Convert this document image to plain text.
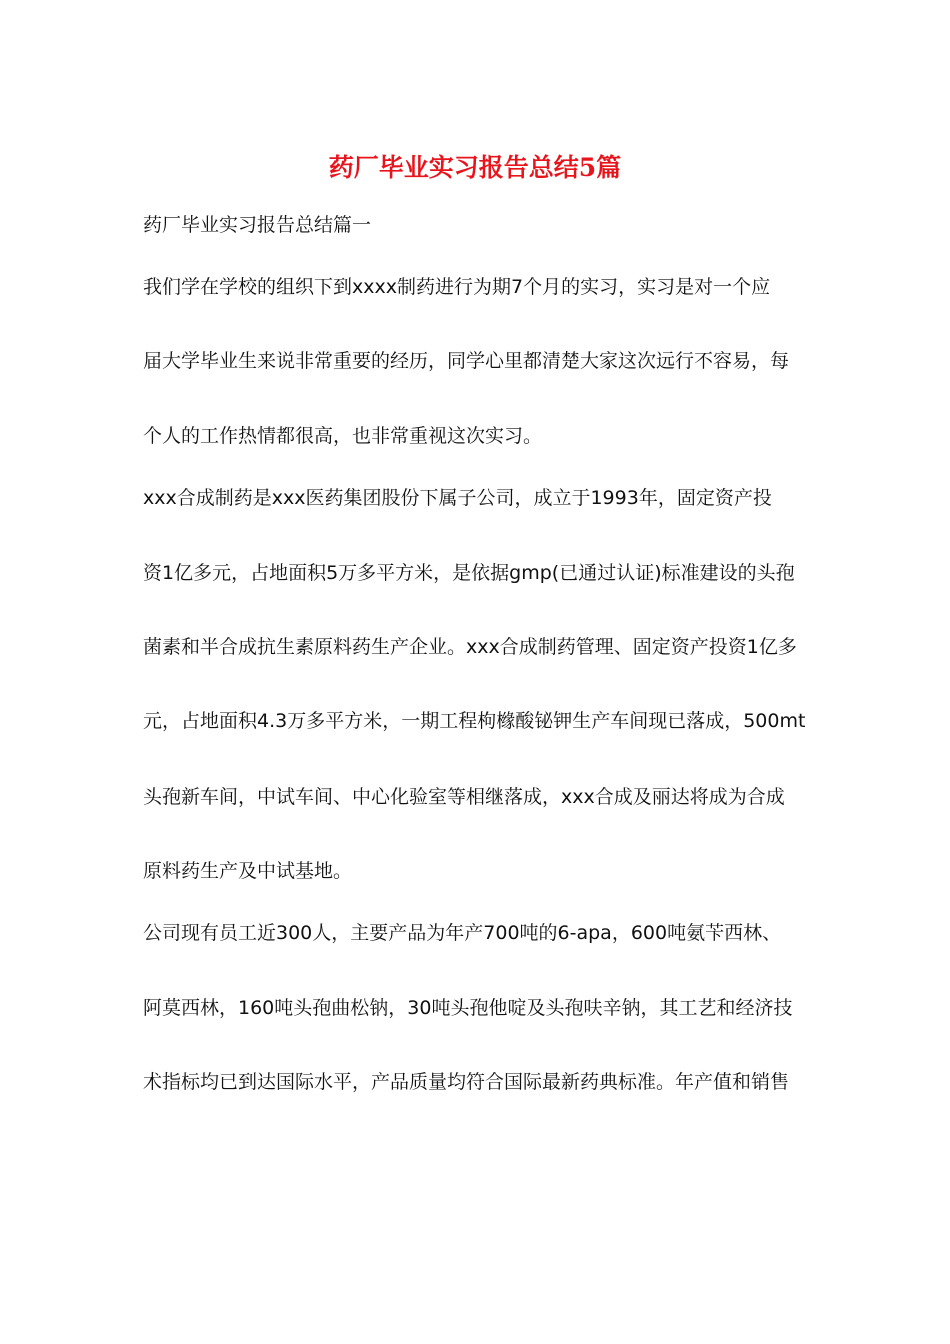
药厂毕业实习报告总结5篇
药厂毕业实习报告总结篇一
我们学在学校的组织下到xxxx制药进行为期7个月的实习，实习是对一个应
届大学毕业生来说非常重要的经历，同学心里都清楚大家这次远行不容易，每
个人的工作热情都很高，也非常重视这次实习。
xxx合成制药是xxx医药集团股份下属子公司，成立于1993年，固定资产投
资1亿多元，占地面积5万多平方米，是依据gmp(已通过认证)标准建设的头孢
菌素和半合成抗生素原料药生产企业。xxx合成制药管理、固定资产投资1亿多
元，占地面积4.3万多平方米，一期工程枸橼酸铋钾生产车间现已落成，500mt
头孢新车间，中试车间、中心化验室等相继落成，xxx合成及丽达将成为合成
原料药生产及中试基地。
公司现有员工近300人，主要产品为年产700吨的6-apa，600吨氨苄西林、
阿莫西林，160吨头孢曲松钠，30吨头孢他啶及头孢呋辛钠，其工艺和经济技
术指标均已到达国际水平，产品质量均符合国际最新药典标准。年产值和销售
